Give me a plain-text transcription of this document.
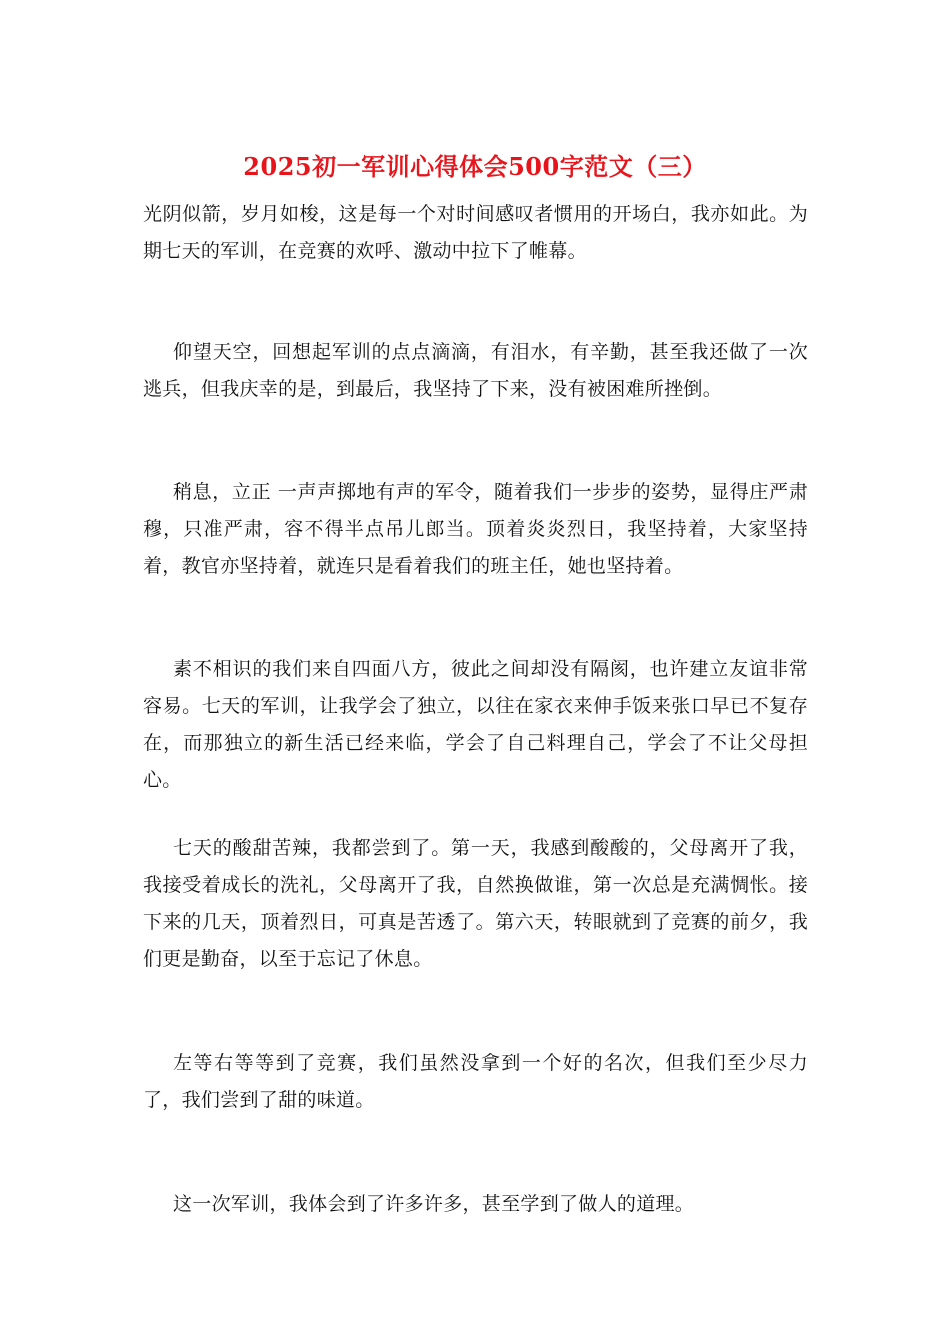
2025初一军训心得体会500字范文（三）

光阴似箭，岁月如梭，这是每一个对时间感叹者惯用的开场白，我亦如此。为期七天的军训，在竞赛的欢呼、激动中拉下了帷幕。

仰望天空，回想起军训的点点滴滴，有泪水，有辛勤，甚至我还做了一次逃兵，但我庆幸的是，到最后，我坚持了下来，没有被困难所挫倒。

稍息，立正 一声声掷地有声的军令，随着我们一步步的姿势，显得庄严肃穆，只准严肃，容不得半点吊儿郎当。顶着炎炎烈日，我坚持着，大家坚持着，教官亦坚持着，就连只是看着我们的班主任，她也坚持着。

素不相识的我们来自四面八方，彼此之间却没有隔阂，也许建立友谊非常容易。七天的军训，让我学会了独立，以往在家衣来伸手饭来张口早已不复存在，而那独立的新生活已经来临，学会了自己料理自己，学会了不让父母担心。

七天的酸甜苦辣，我都尝到了。第一天，我感到酸酸的，父母离开了我，我接受着成长的洗礼，父母离开了我，自然换做谁，第一次总是充满惆怅。接下来的几天，顶着烈日，可真是苦透了。第六天，转眼就到了竞赛的前夕，我们更是勤奋，以至于忘记了休息。

左等右等等到了竞赛，我们虽然没拿到一个好的名次，但我们至少尽力了，我们尝到了甜的味道。

这一次军训，我体会到了许多许多，甚至学到了做人的道理。
